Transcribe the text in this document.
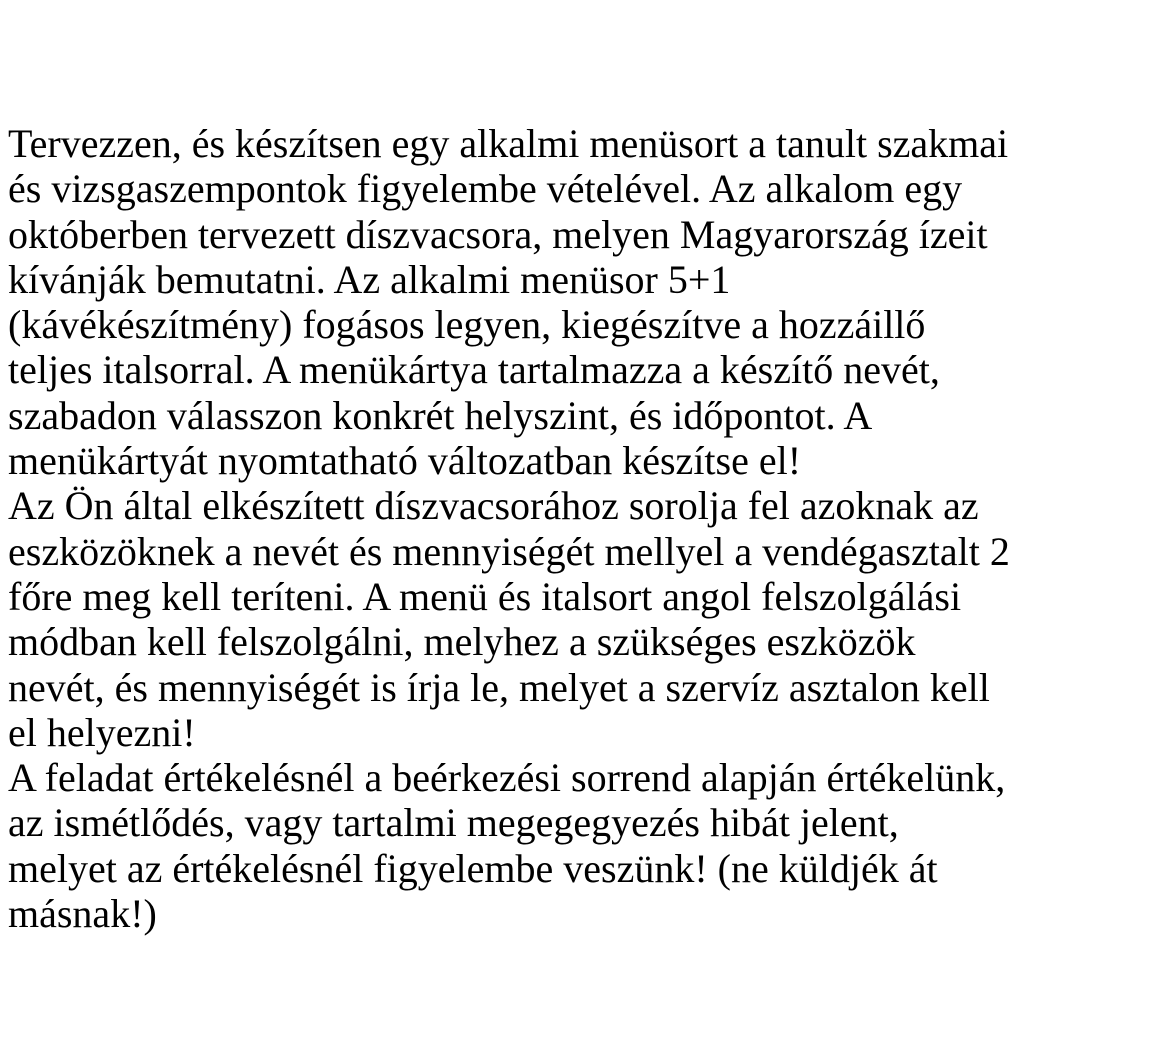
Tervezzen, és készítsen egy alkalmi menüsort a tanult szakmai
és vizsgaszempontok figyelembe vételével. Az alkalom egy
októberben tervezett díszvacsora, melyen Magyarország ízeit
kívánják bemutatni. Az alkalmi menüsor 5+1
(kávékészítmény) fogásos legyen, kiegészítve a hozzáillő
teljes italsorral. A menükártya tartalmazza a készítő nevét,
szabadon válasszon konkrét helyszint, és időpontot. A
menükártyát nyomtatható változatban készítse el!
Az Ön által elkészített díszvacsorához sorolja fel azoknak az
eszközöknek a nevét és mennyiségét mellyel a vendégasztalt 2
főre meg kell teríteni. A menü és italsort angol felszolgálási
módban kell felszolgálni, melyhez a szükséges eszközök
nevét, és mennyiségét is írja le, melyet a szervíz asztalon kell
el helyezni!
A feladat értékelésnél a beérkezési sorrend alapján értékelünk,
az ismétlődés, vagy tartalmi megegegyezés hibát jelent,
melyet az értékelésnél figyelembe veszünk! (ne küldjék át
másnak!)
